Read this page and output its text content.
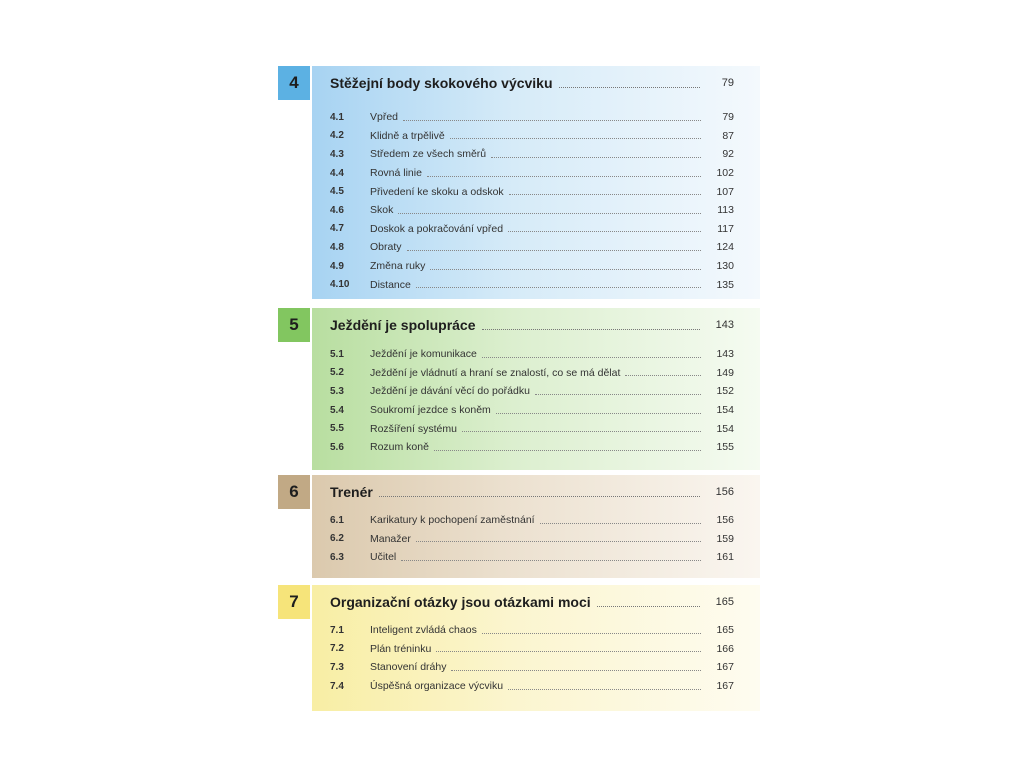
4	Stěžejní body skokového výcviku	79
4.1	Vpřed	79
4.2	Klidně a trpělivě	87
4.3	Středem ze všech směrů	92
4.4	Rovná linie	102
4.5	Přivedení ke skoku a odskok	107
4.6	Skok	113
4.7	Doskok a pokračování vpřed	117
4.8	Obraty	124
4.9	Změna ruky	130
4.10	Distance	135
5	Ježdění je spolupráce	143
5.1	Ježdění je komunikace	143
5.2	Ježdění je vládnutí a hraní se znalostí, co se má dělat	149
5.3	Ježdění je dávání věcí do pořádku	152
5.4	Soukromí jezdce s koněm	154
5.5	Rozšíření systému	154
5.6	Rozum koně	155
6	Trenér	156
6.1	Karikatury k pochopení zaměstnání	156
6.2	Manažer	159
6.3	Učitel	161
7	Organizační otázky jsou otázkami moci	165
7.1	Inteligent zvládá chaos	165
7.2	Plán tréninku	166
7.3	Stanovení dráhy	167
7.4	Úspěšná organizace výcviku	167
